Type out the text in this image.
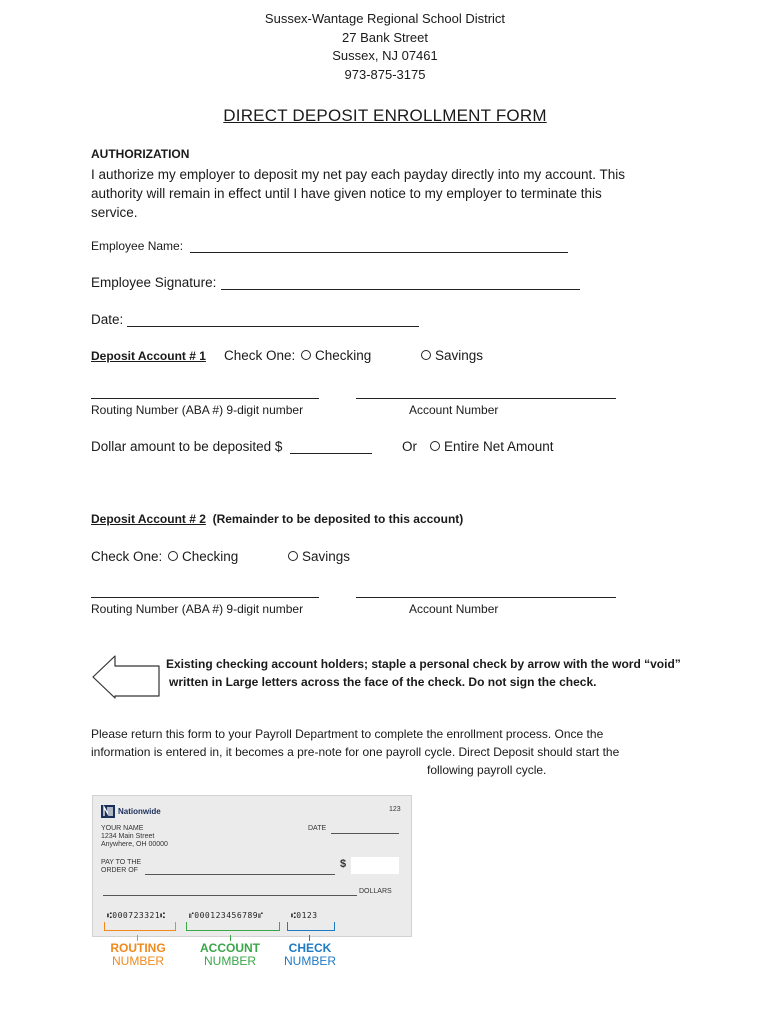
Sussex-Wantage Regional School District
27 Bank Street
Sussex, NJ 07461
973-875-3175
DIRECT DEPOSIT ENROLLMENT FORM
AUTHORIZATION
I authorize my employer to deposit my net pay each payday directly into my account. This
authority will remain in effect until I have given notice to my employer to terminate this
service.
Employee Name:
Employee Signature:
Date:
Deposit Account # 1 Check One:	Checking	Savings
Routing Number (ABA #) 9-digit number	Account Number
Dollar amount to be deposited $	Or	Entire Net Amount
Deposit Account # 2 (Remainder to be deposited to this account)
Check One:	Checking	Savings
Routing Number (ABA #) 9-digit number	Account Number
Existing checking account holders; staple a personal check by arrow with the word “void”
written in Large letters across the face of the check. Do not sign the check.
Please return this form to your Payroll Department to complete the enrollment process. Once the
information is entered in, it becomes a pre-note for one payroll cycle. Direct Deposit should start the
following payroll cycle.
Nationwide	123
YOUR NAME
1234 Main Street
Anywhere, OH 00000
DATE
PAY TO THE
ORDER OF
$
DOLLARS
⑆000723321⑆	⑈000123456789⑈	⑆0123
ROUTING
NUMBER
ACCOUNT
NUMBER
CHECK
NUMBER
